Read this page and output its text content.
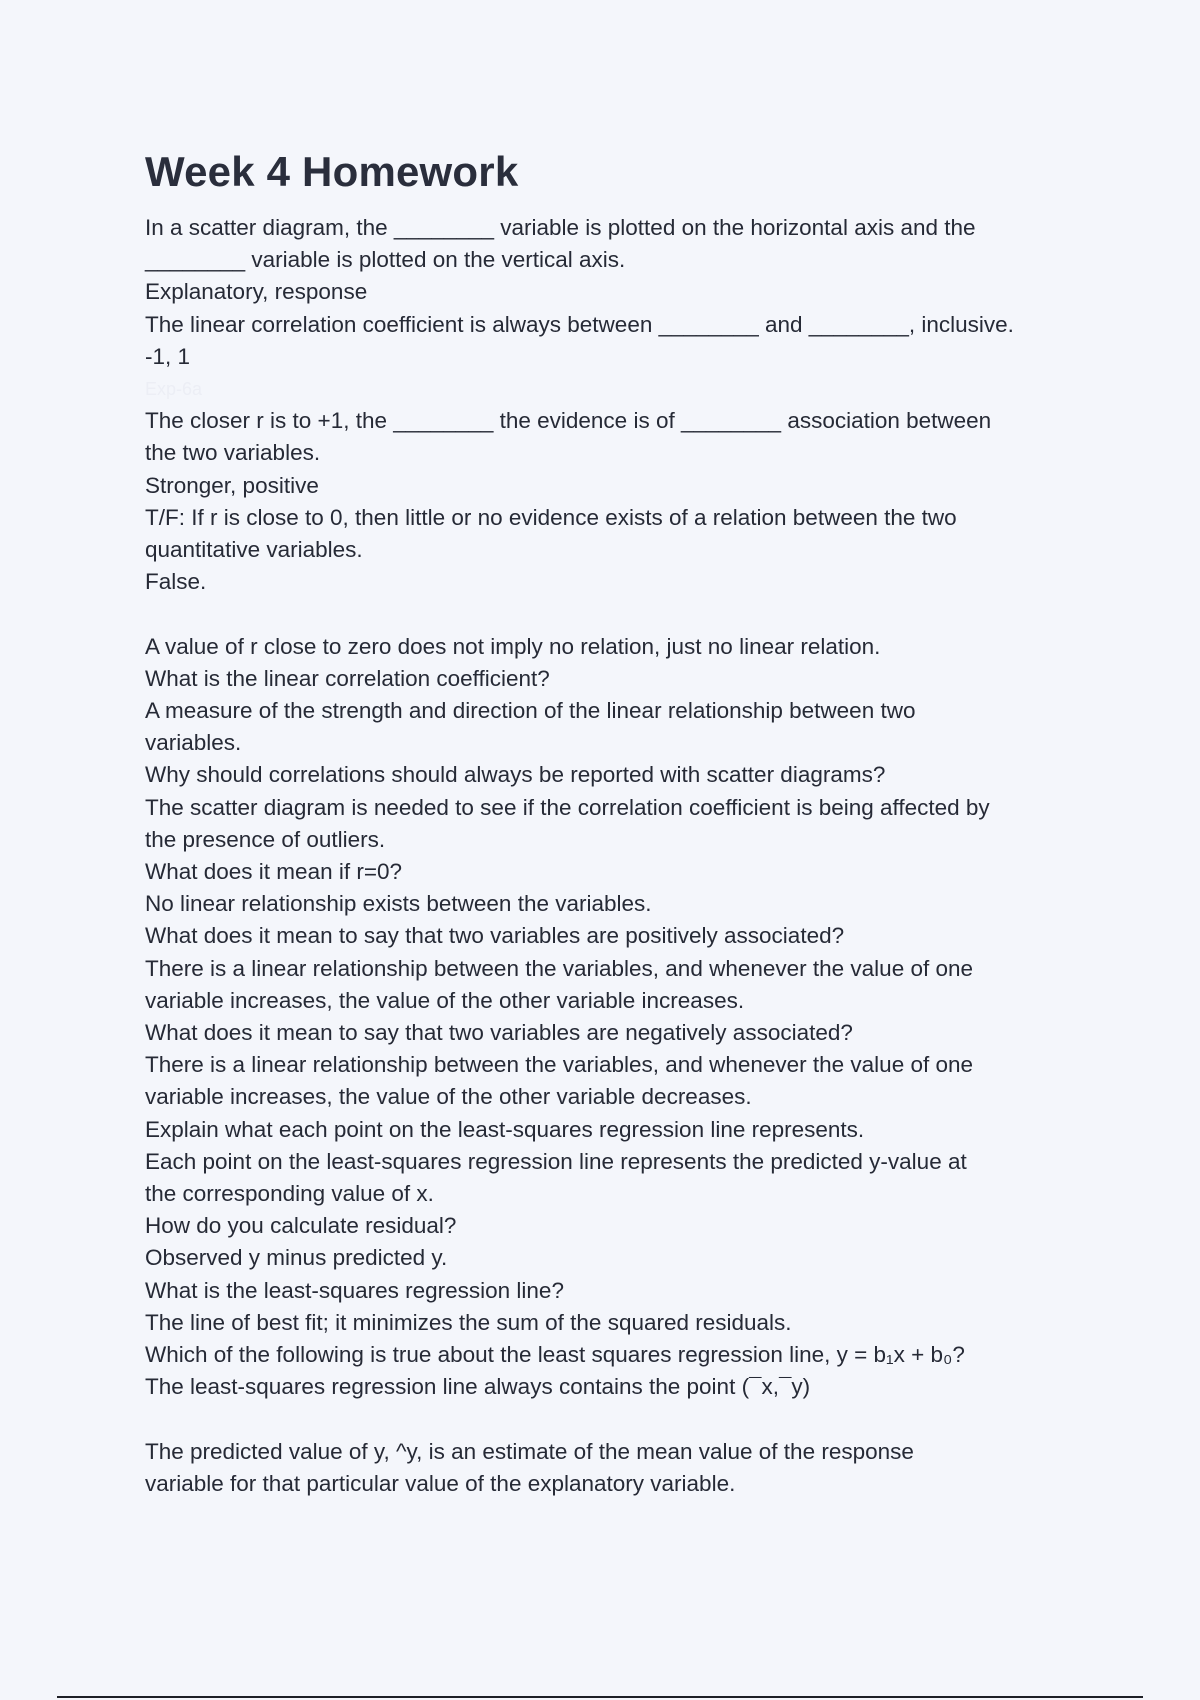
Week 4 Homework

In a scatter diagram, the ________ variable is plotted on the horizontal axis and the

________ variable is plotted on the vertical axis.

Explanatory, response

The linear correlation coefficient is always between ________ and ________, inclusive.

-1, 1

Exp-6a

The closer r is to +1, the ________ the evidence is of ________ association between

the two variables.

Stronger, positive

T/F: If r is close to 0, then little or no evidence exists of a relation between the two

quantitative variables.

False.

A value of r close to zero does not imply no relation, just no linear relation.

What is the linear correlation coefficient?

A measure of the strength and direction of the linear relationship between two

variables.

Why should correlations should always be reported with scatter diagrams?

The scatter diagram is needed to see if the correlation coefficient is being affected by

the presence of outliers.

What does it mean if r=0?

No linear relationship exists between the variables.

What does it mean to say that two variables are positively associated?

There is a linear relationship between the variables, and whenever the value of one

variable increases, the value of the other variable increases.

What does it mean to say that two variables are negatively associated?

There is a linear relationship between the variables, and whenever the value of one

variable increases, the value of the other variable decreases.

Explain what each point on the least-squares regression line represents.

Each point on the least-squares regression line represents the predicted y-value at

the corresponding value of x.

How do you calculate residual?

Observed y minus predicted y.

What is the least-squares regression line?

The line of best fit; it minimizes the sum of the squared residuals.

Which of the following is true about the least squares regression line, y = b₁x + b₀?

The least-squares regression line always contains the point (¯x,¯y)

The predicted value of y, ^y, is an estimate of the mean value of the response

variable for that particular value of the explanatory variable.
